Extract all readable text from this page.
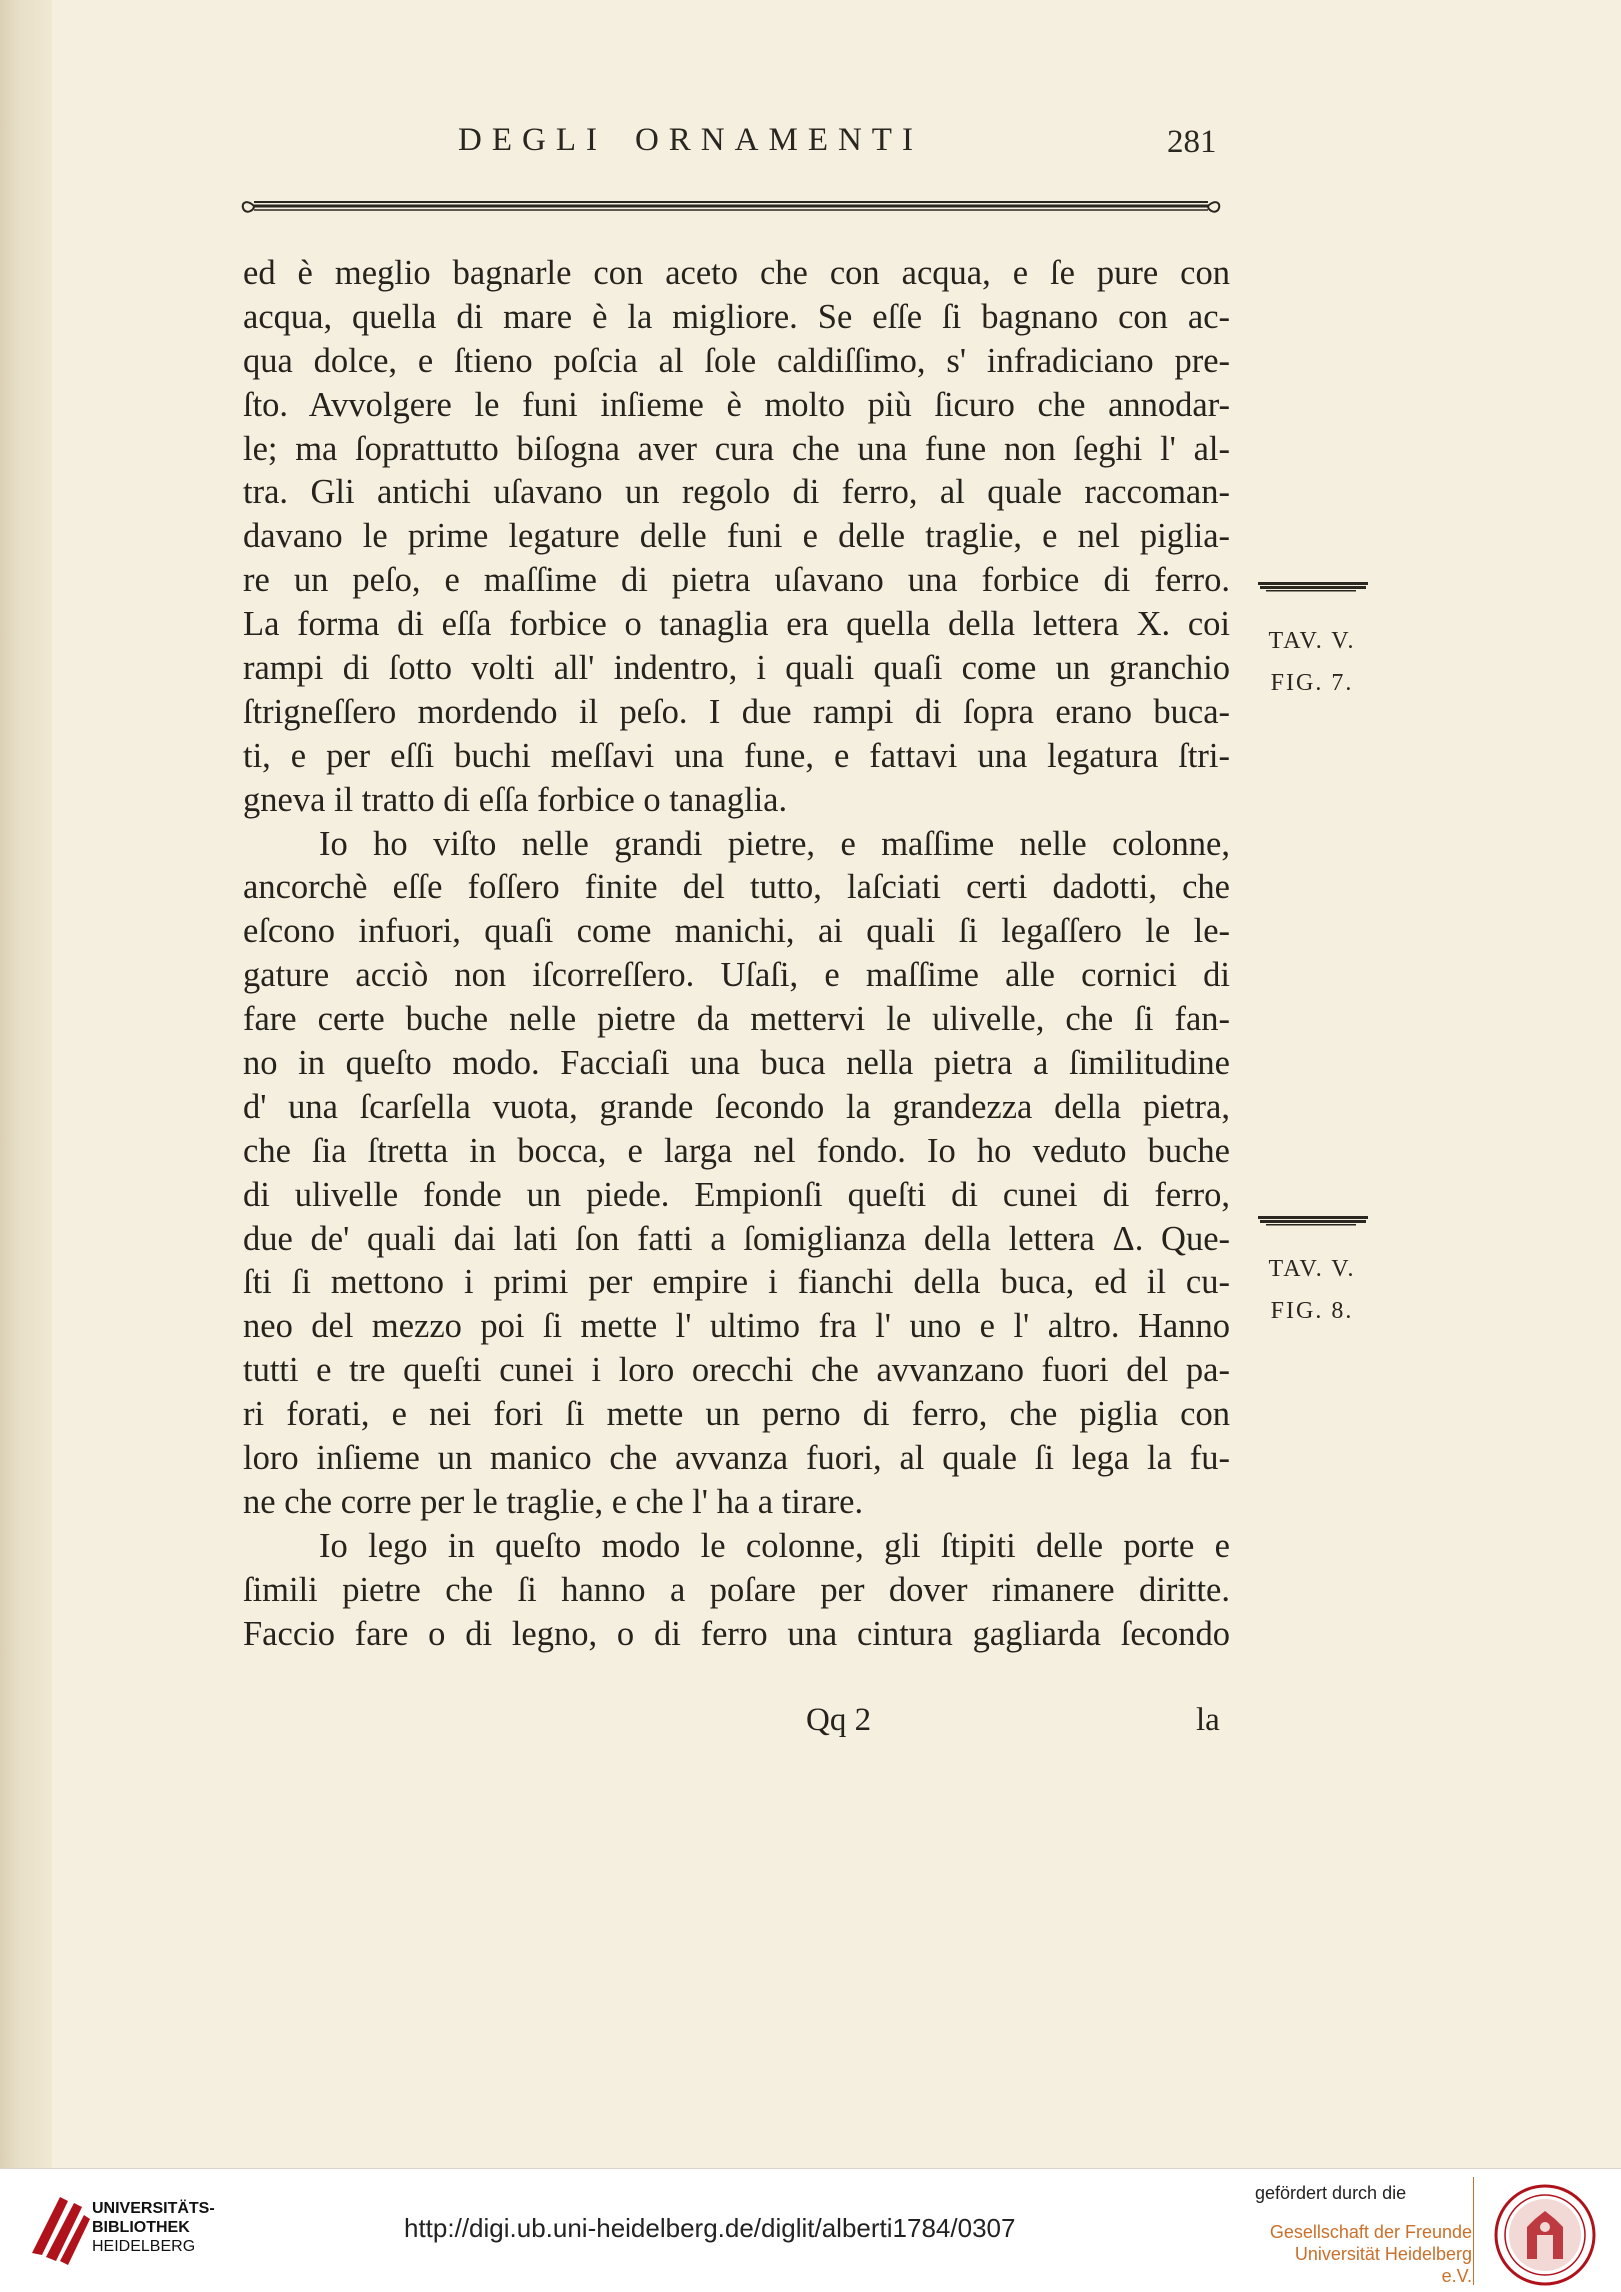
DEGLI ORNAMENTI	281
ed è meglio bagnarle con aceto che con acqua, e ſe pure con
acqua, quella di mare è la migliore. Se eſſe ſi bagnano con ac-
qua dolce, e ſtieno poſcia al ſole caldiſſimo, s' infradiciano pre-
ſto. Avvolgere le funi inſieme è molto più ſicuro che annodar-
le; ma ſoprattutto biſogna aver cura che una fune non ſeghi l' al-
tra. Gli antichi uſavano un regolo di ferro, al quale raccoman-
davano le prime legature delle funi e delle traglie, e nel piglia-
re un peſo, e maſſime di pietra uſavano una forbice di ferro.
La forma di eſſa forbice o tanaglia era quella della lettera X. coi
rampi di ſotto volti all' indentro, i quali quaſi come un granchio
ſtrigneſſero mordendo il peſo. I due rampi di ſopra erano buca-
ti, e per eſſi buchi meſſavi una fune, e fattavi una legatura ſtri-
gneva il tratto di eſſa forbice o tanaglia.
Io ho viſto nelle grandi pietre, e maſſime nelle colonne,
ancorchè eſſe foſſero finite del tutto, laſciati certi dadotti, che
eſcono infuori, quaſi come manichi, ai quali ſi legaſſero le le-
gature acciò non iſcorreſſero. Uſaſi, e maſſime alle cornici di
fare certe buche nelle pietre da mettervi le ulivelle, che ſi fan-
no in queſto modo. Facciaſi una buca nella pietra a ſimilitudine
d' una ſcarſella vuota, grande ſecondo la grandezza della pietra,
che ſia ſtretta in bocca, e larga nel fondo. Io ho veduto buche
di ulivelle fonde un piede. Empionſi queſti di cunei di ferro,
due de' quali dai lati ſon fatti a ſomiglianza della lettera Δ. Que-
ſti ſi mettono i primi per empire i fianchi della buca, ed il cu-
neo del mezzo poi ſi mette l' ultimo fra l' uno e l' altro. Hanno
tutti e tre queſti cunei i loro orecchi che avvanzano fuori del pa-
ri forati, e nei fori ſi mette un perno di ferro, che piglia con
loro inſieme un manico che avvanza fuori, al quale ſi lega la fu-
ne che corre per le traglie, e che l' ha a tirare.
Io lego in queſto modo le colonne, gli ſtipiti delle porte e
ſimili pietre che ſi hanno a poſare per dover rimanere diritte.
Faccio fare o di legno, o di ferro una cintura gagliarda ſecondo
TAV. V.
FIG. 7.
TAV. V.
FIG. 8.
Qq 2	la
UNIVERSITÄTS-
BIBLIOTHEK
HEIDELBERG
http://digi.ub.uni-heidelberg.de/diglit/alberti1784/0307
gefördert durch die
Gesellschaft der Freunde
Universität Heidelberg e.V.
